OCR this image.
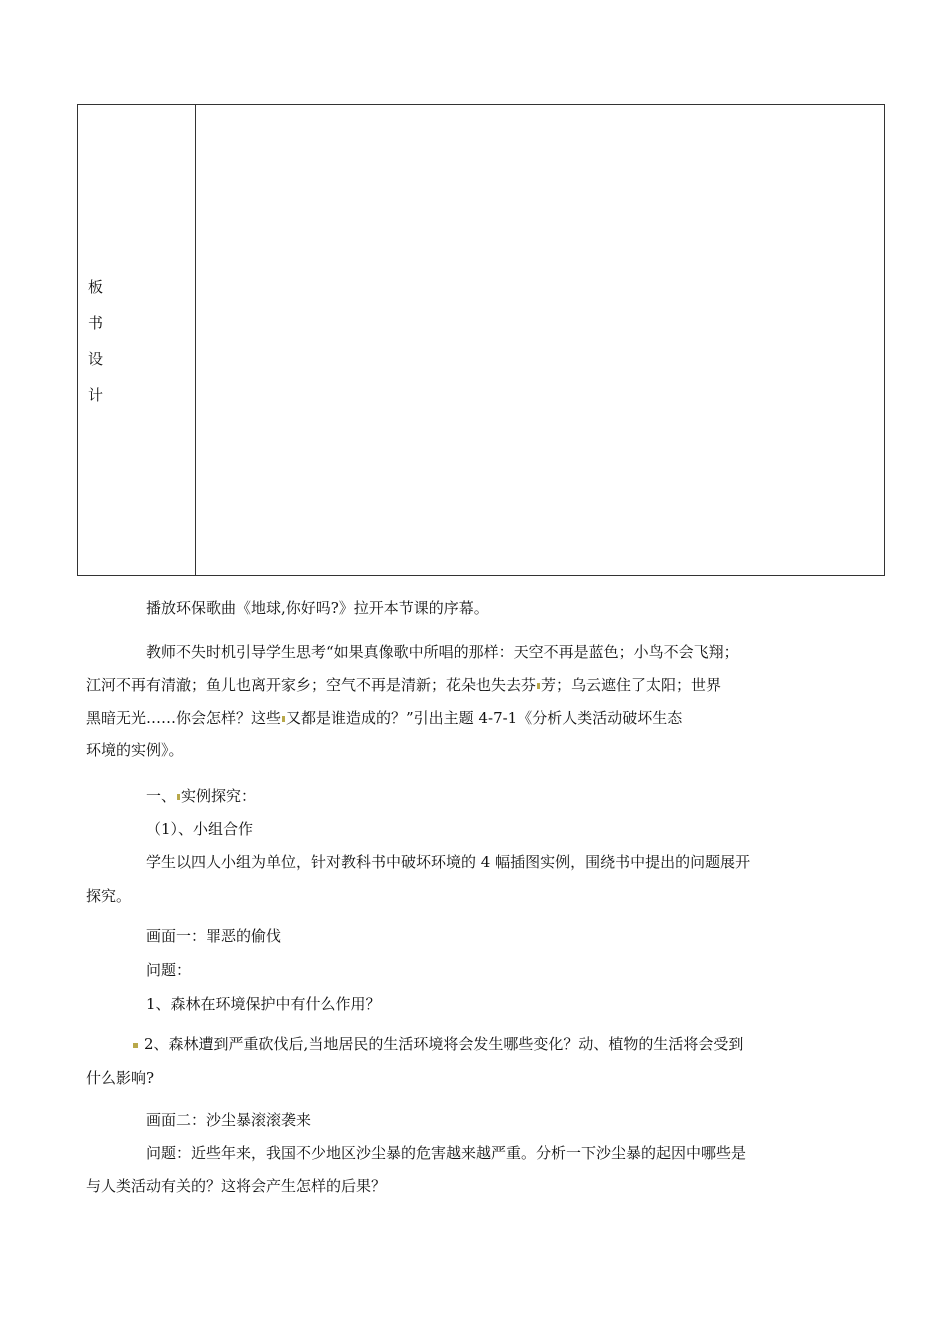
板
书
设
计
播放环保歌曲《地球,你好吗?》拉开本节课的序幕。
教师不失时机引导学生思考“如果真像歌中所唱的那样：天空不再是蓝色；小鸟不会飞翔；
江河不再有清澈；鱼儿也离开家乡；空气不再是清新；花朵也失去芬 芳；乌云遮住了太阳；世界
黑暗无光……你会怎样？这些 又都是谁造成的？”引出主题 4-7-1《分析人类活动破坏生态
环境的实例》。
一、 实例探究：
（1）、小组合作
学生以四人小组为单位，针对教科书中破坏环境的 4 幅插图实例，围绕书中提出的问题展开
探究。
画面一：罪恶的偷伐
问题：
1、森林在环境保护中有什么作用？
2、森林遭到严重砍伐后,当地居民的生活环境将会发生哪些变化？动、植物的生活将会受到
什么影响?
画面二：沙尘暴滚滚袭来
问题：近些年来，我国不少地区沙尘暴的危害越来越严重。分析一下沙尘暴的起因中哪些是
与人类活动有关的？这将会产生怎样的后果？
